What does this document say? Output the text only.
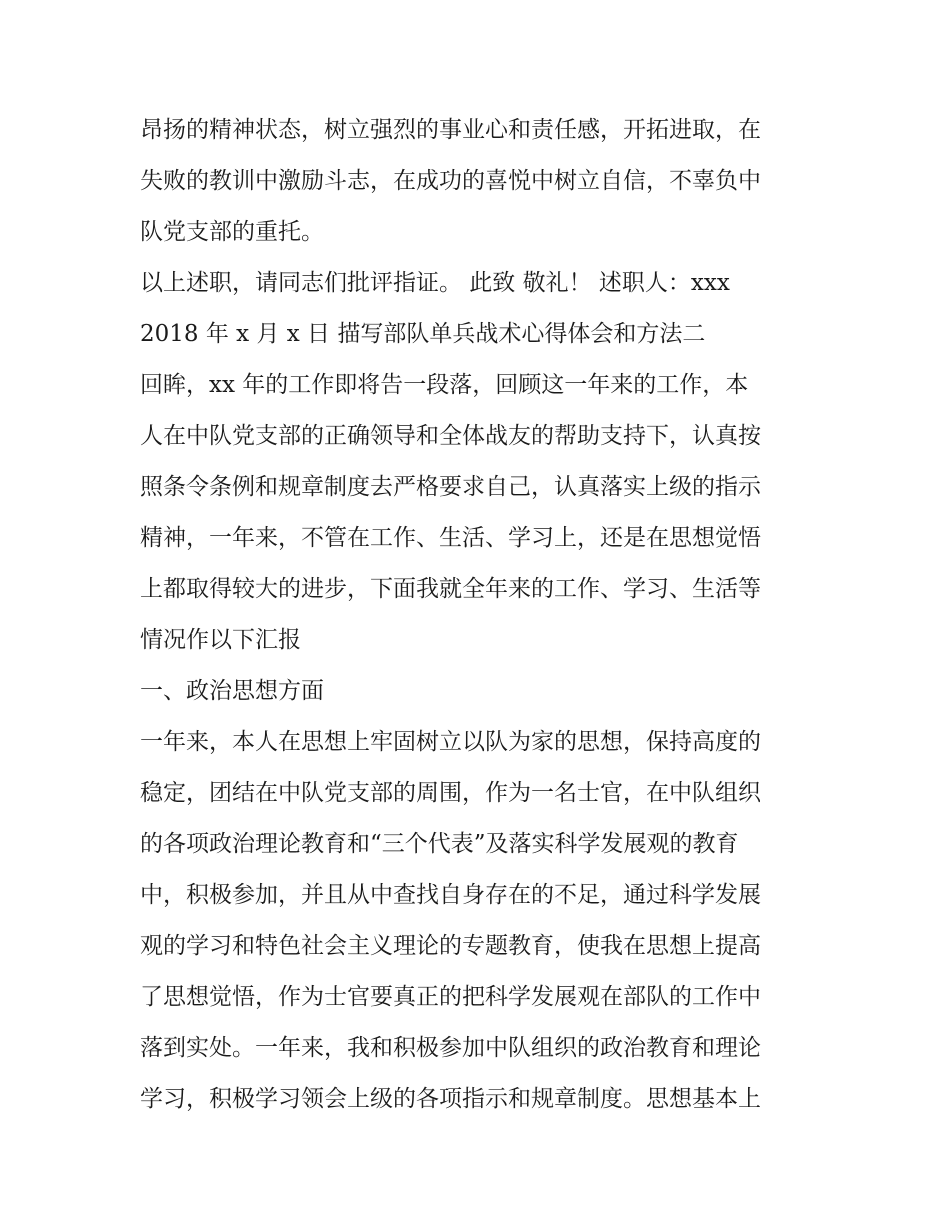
昂扬的精神状态，树立强烈的事业心和责任感，开拓进取，在
失败的教训中激励斗志，在成功的喜悦中树立自信，不辜负中
队党支部的重托。
以上述职，请同志们批评指证。 此致 敬礼！ 述职人：xxx
2018 年 x 月 x 日 描写部队单兵战术心得体会和方法二
回眸，xx 年的工作即将告一段落，回顾这一年来的工作，本
人在中队党支部的正确领导和全体战友的帮助支持下，认真按
照条令条例和规章制度去严格要求自己，认真落实上级的指示
精神，一年来，不管在工作、生活、学习上，还是在思想觉悟
上都取得较大的进步，下面我就全年来的工作、学习、生活等
情况作以下汇报
一、政治思想方面
一年来，本人在思想上牢固树立以队为家的思想，保持高度的
稳定，团结在中队党支部的周围，作为一名士官，在中队组织
的各项政治理论教育和“三个代表”及落实科学发展观的教育
中，积极参加，并且从中查找自身存在的不足，通过科学发展
观的学习和特色社会主义理论的专题教育，使我在思想上提高
了思想觉悟，作为士官要真正的把科学发展观在部队的工作中
落到实处。一年来，我和积极参加中队组织的政治教育和理论
学习，积极学习领会上级的各项指示和规章制度。思想基本上
